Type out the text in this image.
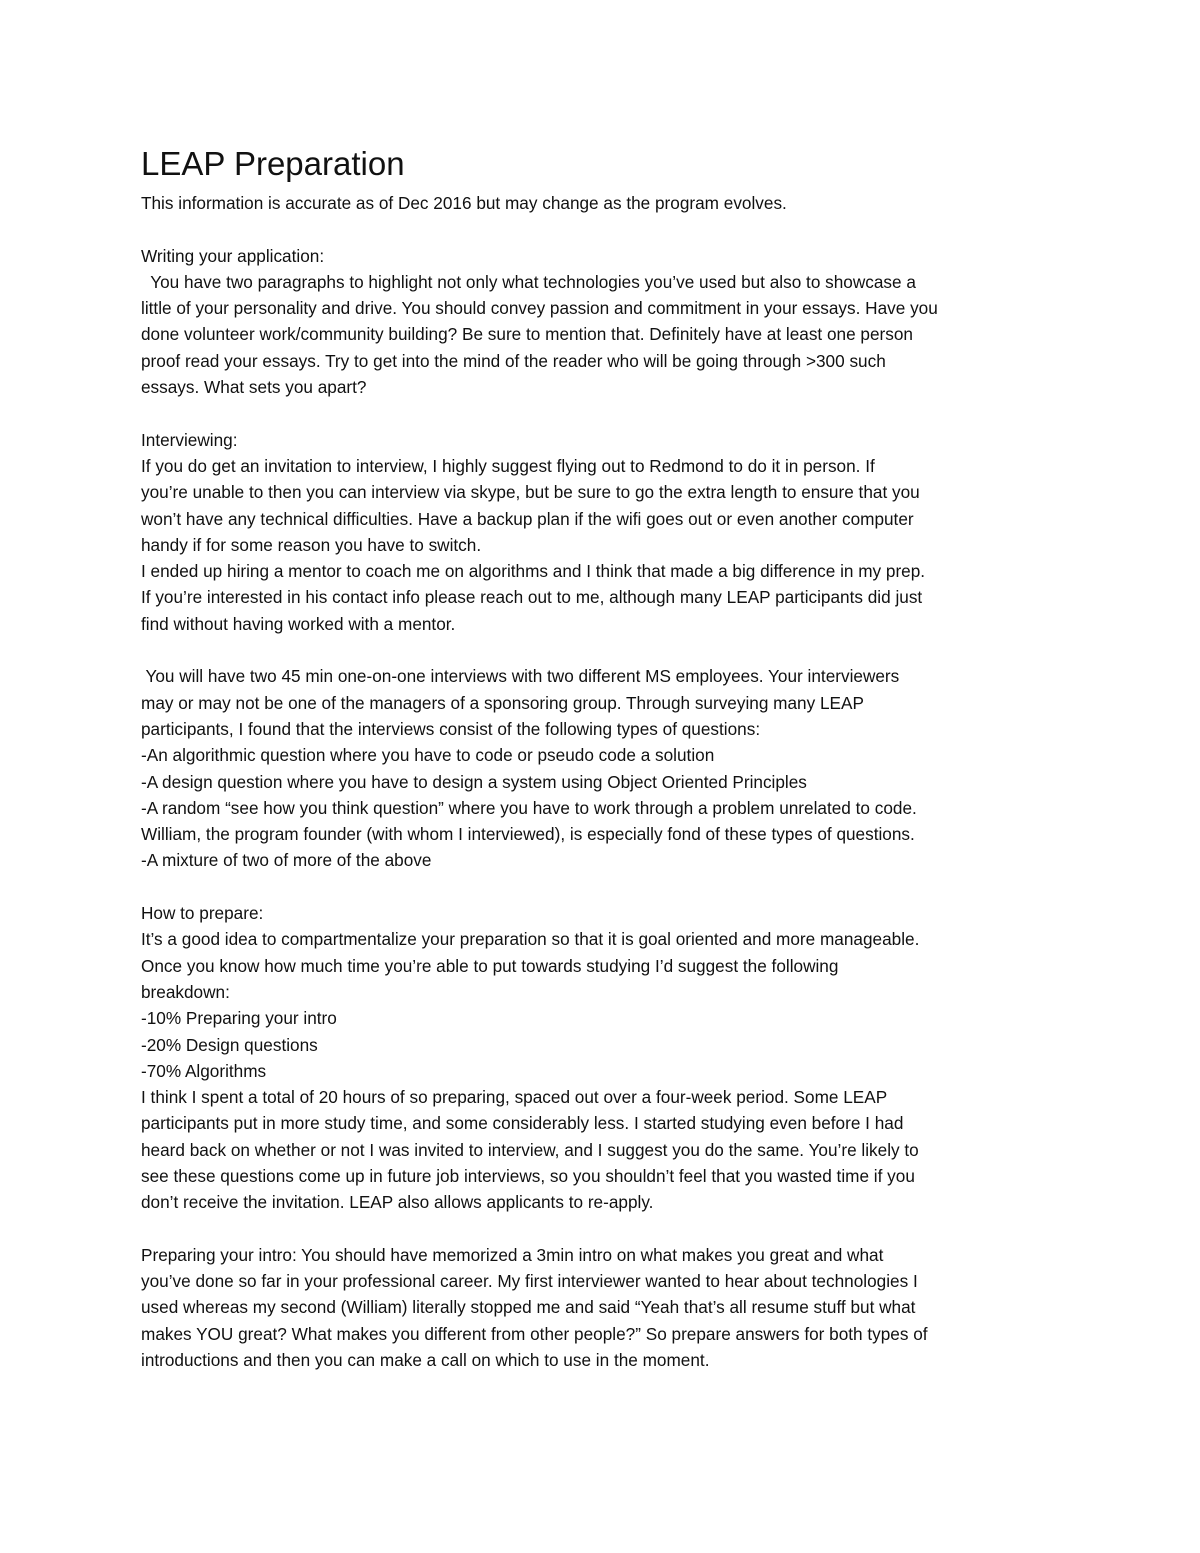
LEAP Preparation
This information is accurate as of Dec 2016 but may change as the program evolves.
Writing your application:
You have two paragraphs to highlight not only what technologies you’ve used but also to showcase a
little of your personality and drive. You should convey passion and commitment in your essays. Have you
done volunteer work/community building? Be sure to mention that. Definitely have at least one person
proof read your essays. Try to get into the mind of the reader who will be going through >300 such
essays. What sets you apart?
Interviewing:
If you do get an invitation to interview, I highly suggest flying out to Redmond to do it in person. If
you’re unable to then you can interview via skype, but be sure to go the extra length to ensure that you
won’t have any technical difficulties. Have a backup plan if the wifi goes out or even another computer
handy if for some reason you have to switch.
I ended up hiring a mentor to coach me on algorithms and I think that made a big difference in my prep.
If you’re interested in his contact info please reach out to me, although many LEAP participants did just
find without having worked with a mentor.
You will have two 45 min one-on-one interviews with two different MS employees. Your interviewers
may or may not be one of the managers of a sponsoring group. Through surveying many LEAP
participants, I found that the interviews consist of the following types of questions:
-An algorithmic question where you have to code or pseudo code a solution
-A design question where you have to design a system using Object Oriented Principles
-A random “see how you think question” where you have to work through a problem unrelated to code.
William, the program founder (with whom I interviewed), is especially fond of these types of questions.
-A mixture of two of more of the above
How to prepare:
It’s a good idea to compartmentalize your preparation so that it is goal oriented and more manageable.
Once you know how much time you’re able to put towards studying I’d suggest the following
breakdown:
-10% Preparing your intro
-20% Design questions
-70% Algorithms
I think I spent a total of 20 hours of so preparing, spaced out over a four-week period. Some LEAP
participants put in more study time, and some considerably less. I started studying even before I had
heard back on whether or not I was invited to interview, and I suggest you do the same. You’re likely to
see these questions come up in future job interviews, so you shouldn’t feel that you wasted time if you
don’t receive the invitation. LEAP also allows applicants to re-apply.
Preparing your intro: You should have memorized a 3min intro on what makes you great and what
you’ve done so far in your professional career. My first interviewer wanted to hear about technologies I
used whereas my second (William) literally stopped me and said “Yeah that’s all resume stuff but what
makes YOU great? What makes you different from other people?” So prepare answers for both types of
introductions and then you can make a call on which to use in the moment.
